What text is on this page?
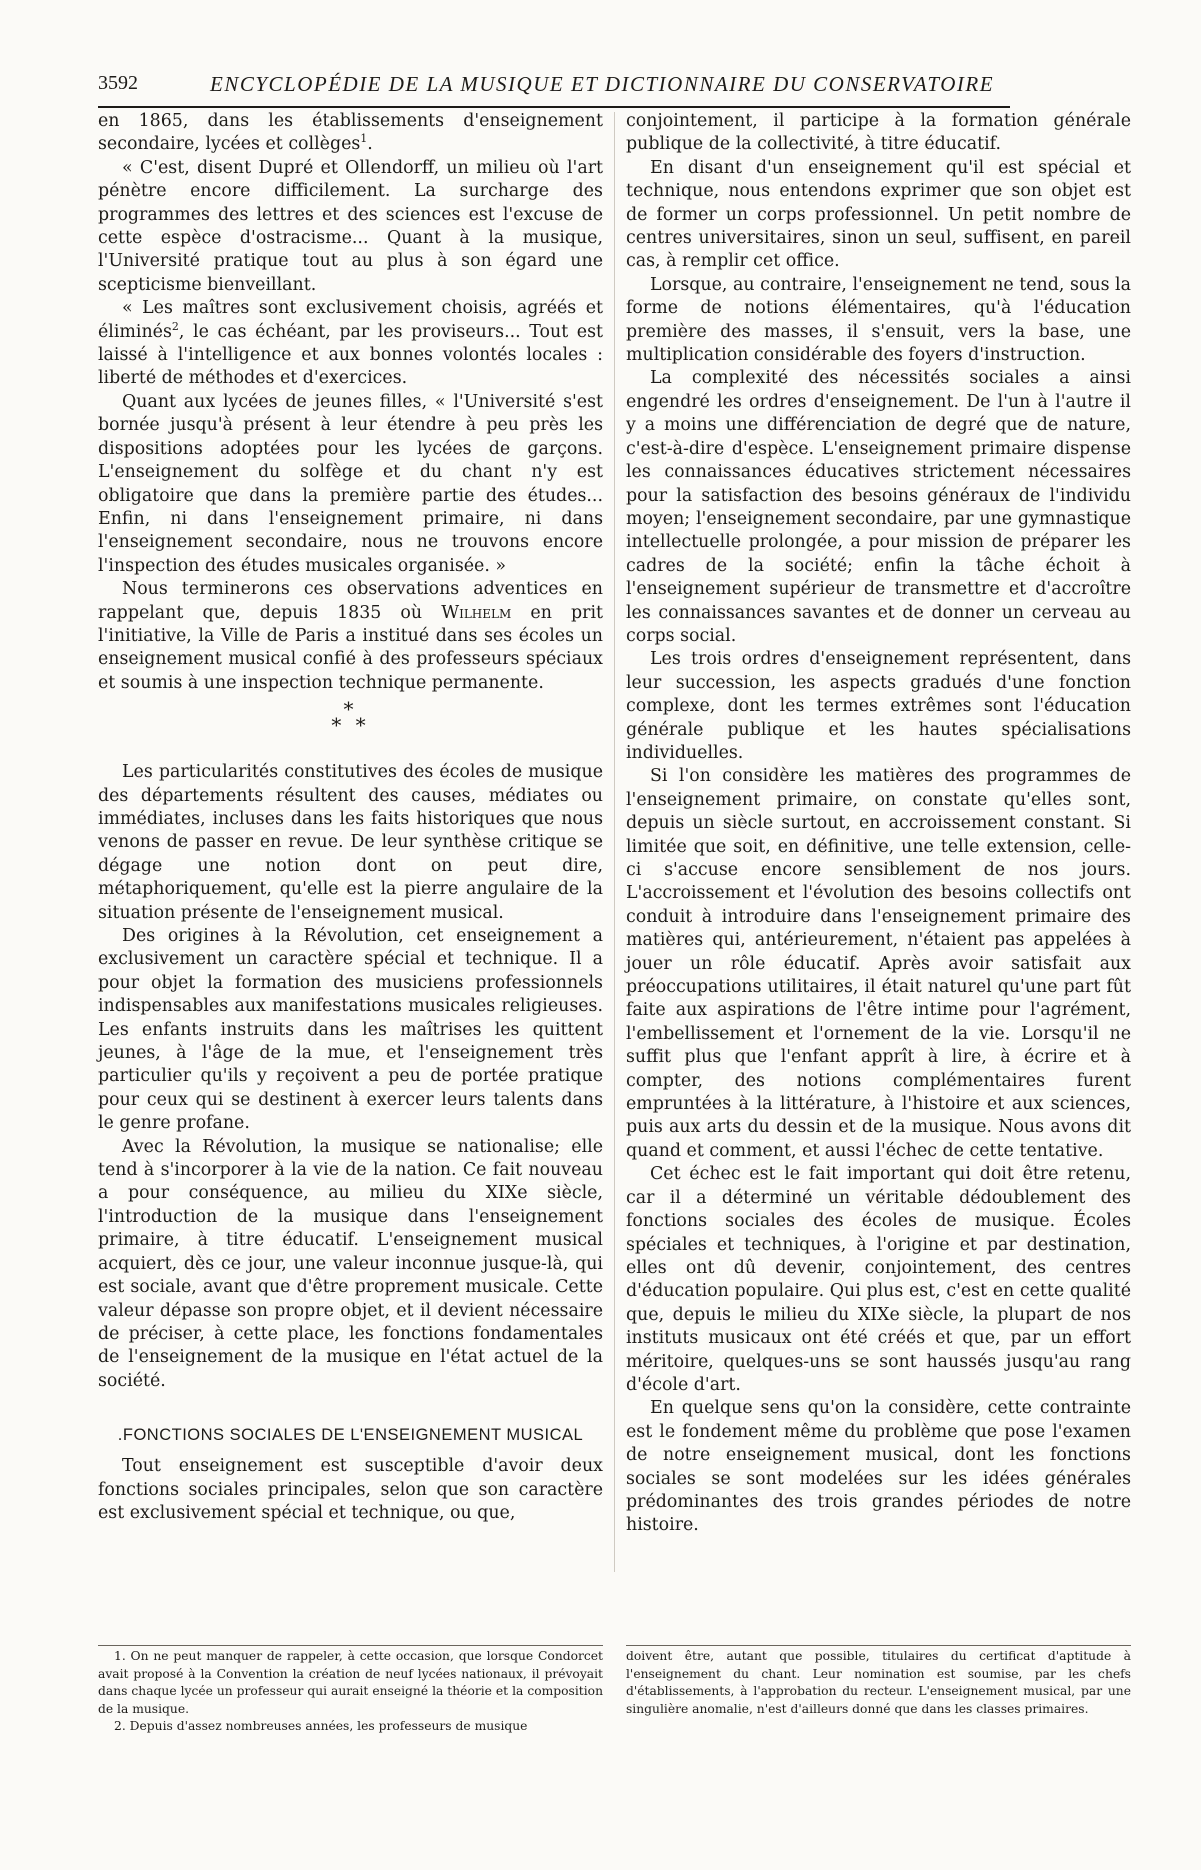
3592	ENCYCLOPÉDIE DE LA MUSIQUE ET DICTIONNAIRE DU CONSERVATOIRE

en 1865, dans les établissements d'enseignement secondaire, lycées et collèges$^1$.

« C'est, disent Dupré et Ollendorff, un milieu où l'art pénètre encore difficilement. La surcharge des programmes des lettres et des sciences est l'excuse de cette espèce d'ostracisme... Quant à la musique, l'Université pratique tout au plus à son égard une scepticisme bienveillant.

« Les maîtres sont exclusivement choisis, agréés et éliminés$^2$, le cas échéant, par les proviseurs... Tout est laissé à l'intelligence et aux bonnes volontés locales : liberté de méthodes et d'exercices.

Quant aux lycées de jeunes filles, « l'Université s'est bornée jusqu'à présent à leur étendre à peu près les dispositions adoptées pour les lycées de garçons. L'enseignement du solfège et du chant n'y est obligatoire que dans la première partie des études... Enfin, ni dans l'enseignement primaire, ni dans l'enseignement secondaire, nous ne trouvons encore l'inspection des études musicales organisée. »

Nous terminerons ces observations adventices en rappelant que, depuis 1835 où Wilhelm en prit l'initiative, la Ville de Paris a institué dans ses écoles un enseignement musical confié à des professeurs spéciaux et soumis à une inspection technique permanente.

*
* *

Les particularités constitutives des écoles de musique des départements résultent des causes, médiates ou immédiates, incluses dans les faits historiques que nous venons de passer en revue. De leur synthèse critique se dégage une notion dont on peut dire, métaphoriquement, qu'elle est la pierre angulaire de la situation présente de l'enseignement musical.

Des origines à la Révolution, cet enseignement a exclusivement un caractère spécial et technique. Il a pour objet la formation des musiciens professionnels indispensables aux manifestations musicales religieuses. Les enfants instruits dans les maîtrises les quittent jeunes, à l'âge de la mue, et l'enseignement très particulier qu'ils y reçoivent a peu de portée pratique pour ceux qui se destinent à exercer leurs talents dans le genre profane.

Avec la Révolution, la musique se nationalise; elle tend à s'incorporer à la vie de la nation. Ce fait nouveau a pour conséquence, au milieu du XIXe siècle, l'introduction de la musique dans l'enseignement primaire, à titre éducatif. L'enseignement musical acquiert, dès ce jour, une valeur inconnue jusque-là, qui est sociale, avant que d'être proprement musicale. Cette valeur dépasse son propre objet, et il devient nécessaire de préciser, à cette place, les fonctions fondamentales de l'enseignement de la musique en l'état actuel de la société.

.FONCTIONS SOCIALES DE L'ENSEIGNEMENT MUSICAL

Tout enseignement est susceptible d'avoir deux fonctions sociales principales, selon que son caractère est exclusivement spécial et technique, ou que,

conjointement, il participe à la formation générale publique de la collectivité, à titre éducatif.

En disant d'un enseignement qu'il est spécial et technique, nous entendons exprimer que son objet est de former un corps professionnel. Un petit nombre de centres universitaires, sinon un seul, suffisent, en pareil cas, à remplir cet office.

Lorsque, au contraire, l'enseignement ne tend, sous la forme de notions élémentaires, qu'à l'éducation première des masses, il s'ensuit, vers la base, une multiplication considérable des foyers d'instruction.

La complexité des nécessités sociales a ainsi engendré les ordres d'enseignement. De l'un à l'autre il y a moins une différenciation de degré que de nature, c'est-à-dire d'espèce. L'enseignement primaire dispense les connaissances éducatives strictement nécessaires pour la satisfaction des besoins généraux de l'individu moyen; l'enseignement secondaire, par une gymnastique intellectuelle prolongée, a pour mission de préparer les cadres de la société; enfin la tâche échoit à l'enseignement supérieur de transmettre et d'accroître les connaissances savantes et de donner un cerveau au corps social.

Les trois ordres d'enseignement représentent, dans leur succession, les aspects gradués d'une fonction complexe, dont les termes extrêmes sont l'éducation générale publique et les hautes spécialisations individuelles.

Si l'on considère les matières des programmes de l'enseignement primaire, on constate qu'elles sont, depuis un siècle surtout, en accroissement constant. Si limitée que soit, en définitive, une telle extension, celle-ci s'accuse encore sensiblement de nos jours. L'accroissement et l'évolution des besoins collectifs ont conduit à introduire dans l'enseignement primaire des matières qui, antérieurement, n'étaient pas appelées à jouer un rôle éducatif. Après avoir satisfait aux préoccupations utilitaires, il était naturel qu'une part fût faite aux aspirations de l'être intime pour l'agrément, l'embellissement et l'ornement de la vie. Lorsqu'il ne suffit plus que l'enfant apprît à lire, à écrire et à compter, des notions complémentaires furent empruntées à la littérature, à l'histoire et aux sciences, puis aux arts du dessin et de la musique. Nous avons dit quand et comment, et aussi l'échec de cette tentative.

Cet échec est le fait important qui doit être retenu, car il a déterminé un véritable dédoublement des fonctions sociales des écoles de musique. Écoles spéciales et techniques, à l'origine et par destination, elles ont dû devenir, conjointement, des centres d'éducation populaire. Qui plus est, c'est en cette qualité que, depuis le milieu du XIXe siècle, la plupart de nos instituts musicaux ont été créés et que, par un effort méritoire, quelques-uns se sont haussés jusqu'au rang d'école d'art.

En quelque sens qu'on la considère, cette contrainte est le fondement même du problème que pose l'examen de notre enseignement musical, dont les fonctions sociales se sont modelées sur les idées générales prédominantes des trois grandes périodes de notre histoire.

1. On ne peut manquer de rappeler, à cette occasion, que lorsque Condorcet avait proposé à la Convention la création de neuf lycées nationaux, il prévoyait dans chaque lycée un professeur qui aurait enseigné la théorie et la composition de la musique.

2. Depuis d'assez nombreuses années, les professeurs de musique

doivent être, autant que possible, titulaires du certificat d'aptitude à l'enseignement du chant. Leur nomination est soumise, par les chefs d'établissements, à l'approbation du recteur. L'enseignement musical, par une singulière anomalie, n'est d'ailleurs donné que dans les classes primaires.
